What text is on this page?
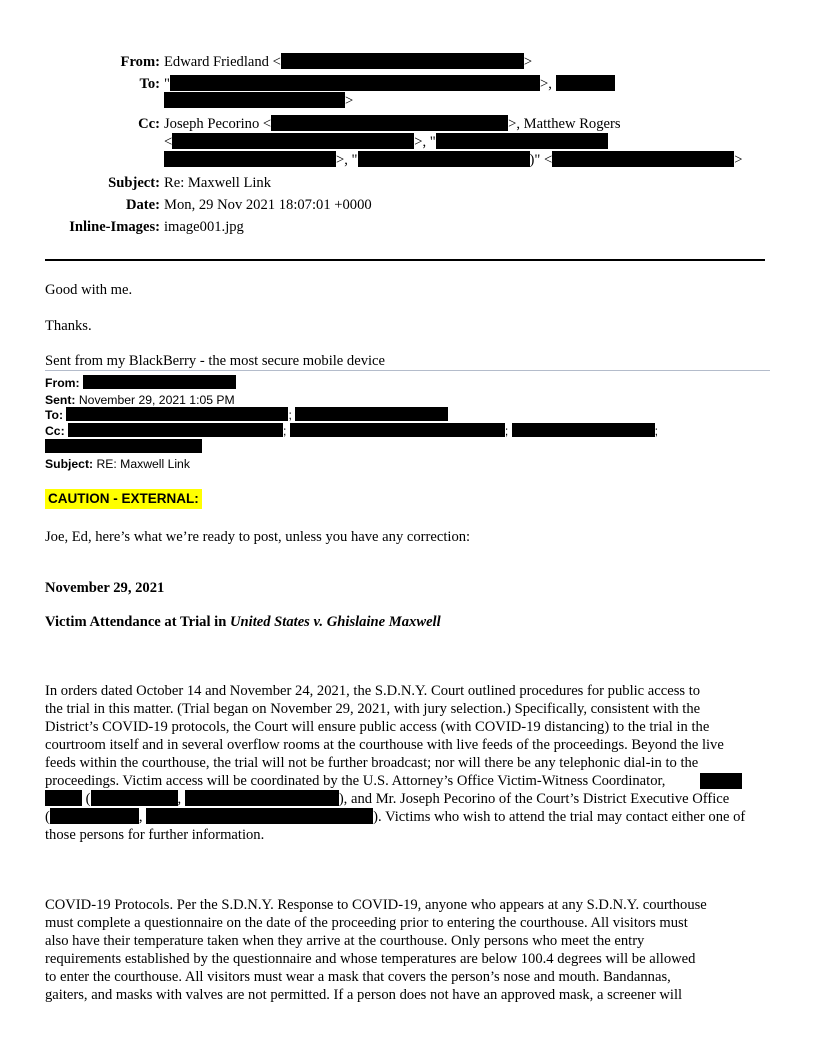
From: Edward Friedland <	>
To: "	>,
>
Cc: Joseph Pecorino <	>, Matthew Rogers
<	>, "
>, "	)" <	>
Subject: Re: Maxwell Link
Date: Mon, 29 Nov 2021 18:07:01 +0000
Inline-Images: image001.jpg
Good with me.
Thanks.
Sent from my BlackBerry - the most secure mobile device
From:
Sent: November 29, 2021 1:05 PM
To:	;
Cc:	;	;	;
Subject: RE: Maxwell Link
CAUTION - EXTERNAL:
Joe, Ed, here’s what we’re ready to post, unless you have any correction:
November 29, 2021
Victim Attendance at Trial in United States v. Ghislaine Maxwell
In orders dated October 14 and November 24, 2021, the S.D.N.Y. Court outlined procedures for public access to
the trial in this matter. (Trial began on November 29, 2021, with jury selection.) Specifically, consistent with the
District’s COVID-19 protocols, the Court will ensure public access (with COVID-19 distancing) to the trial in the
courtroom itself and in several overflow rooms at the courthouse with live feeds of the proceedings. Beyond the live
feeds within the courthouse, the trial will not be further broadcast; nor will there be any telephonic dial-in to the
proceedings. Victim access will be coordinated by the U.S. Attorney’s Office Victim-Witness Coordinator,
(	,	), and Mr. Joseph Pecorino of the Court’s District Executive Office
(	,	). Victims who wish to attend the trial may contact either one of
those persons for further information.
COVID-19 Protocols. Per the S.D.N.Y. Response to COVID-19, anyone who appears at any S.D.N.Y. courthouse
must complete a questionnaire on the date of the proceeding prior to entering the courthouse. All visitors must
also have their temperature taken when they arrive at the courthouse. Only persons who meet the entry
requirements established by the questionnaire and whose temperatures are below 100.4 degrees will be allowed
to enter the courthouse. All visitors must wear a mask that covers the person’s nose and mouth. Bandannas,
gaiters, and masks with valves are not permitted. If a person does not have an approved mask, a screener will
